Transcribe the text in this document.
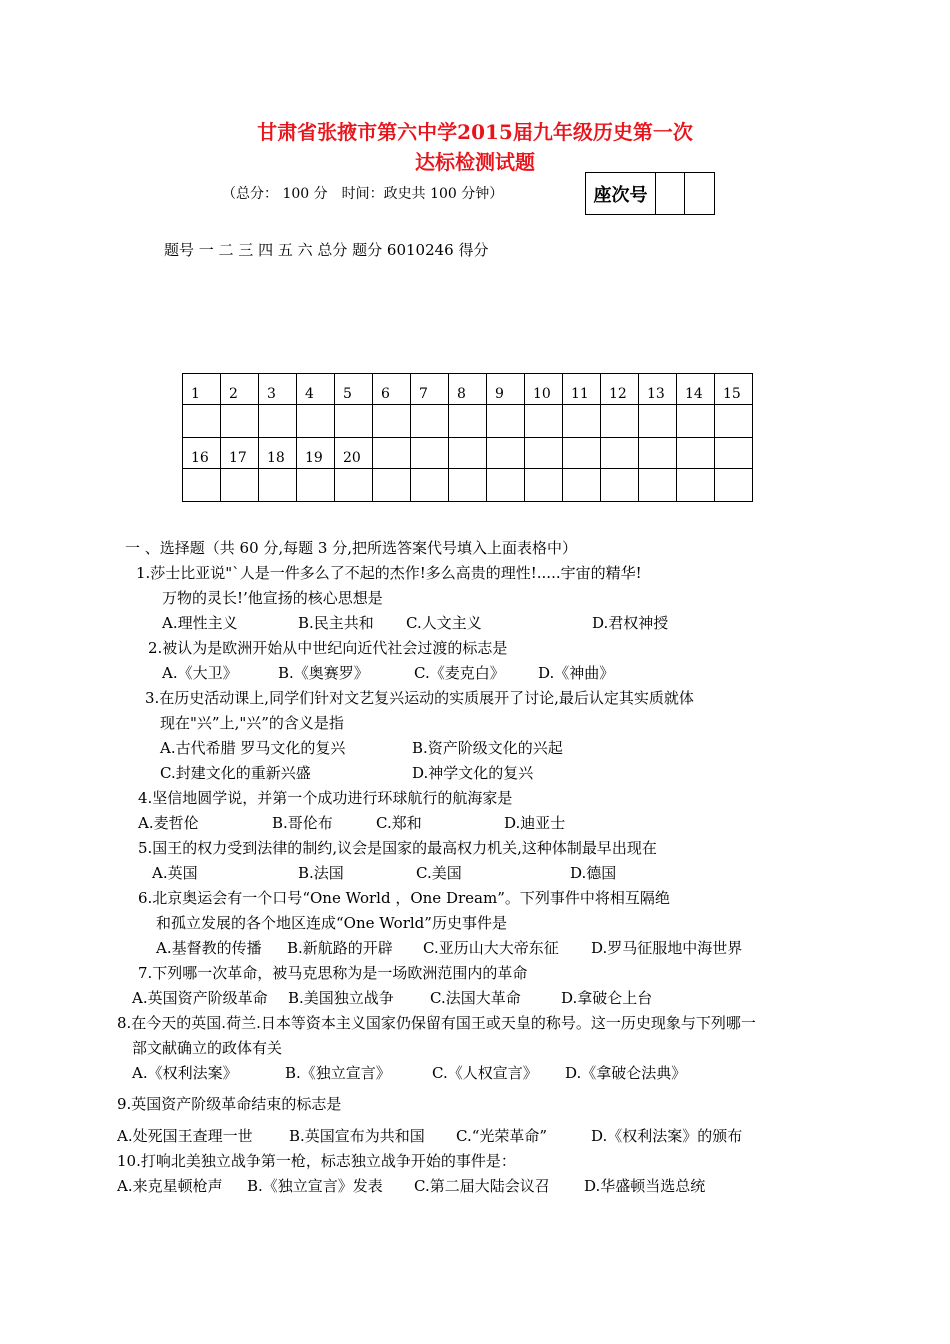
甘肃省张掖市第六中学2015届九年级历史第一次
达标检测试题
（总分： 100 分　时间：政史共 100 分钟）	座次号
题号 一 二 三 四 五 六 总分 题分 6010246 得分
1	2	3	4	5	6	7	8	9	10	11	12	13	14	15

16	17	18	19	20										

一 、选择题（共 60 分,每题 3 分,把所选答案代号填入上面表格中）
1.莎士比亚说"`人是一件多么了不起的杰作!多么高贵的理性!.....宇宙的精华!
万物的灵长!’他宣扬的核心思想是
A.理性主义	B.民主共和 C.人文主义	D.君权神授
2.被认为是欧洲开始从中世纪向近代社会过渡的标志是
A.《大卫》	B.《奥赛罗》	C.《麦克白》 D.《神曲》
3.在历史活动课上,同学们针对文艺复兴运动的实质展开了讨论,最后认定其实质就体
现在"兴”上,"兴”的含义是指
A.古代希腊 罗马文化的复兴	B.资产阶级文化的兴起
C.封建文化的重新兴盛	D.神学文化的复兴
4.坚信地圆学说，并第一个成功进行环球航行的航海家是
A.麦哲伦	B.哥伦布	C.郑和	D.迪亚士
5.国王的权力受到法律的制约,议会是国家的最高权力机关,这种体制最早出现在
A.英国	B.法国	C.美国	D.德国
6.北京奥运会有一个口号“One World ，One Dream”。下列事件中将相互隔绝
和孤立发展的各个地区连成“One World”历史事件是
A.基督教的传播 B.新航路的开辟 C.亚历山大大帝东征 D.罗马征服地中海世界
7.下列哪一次革命，被马克思称为是一场欧洲范围内的革命
A.英国资产阶级革命 B.美国独立战争 C.法国大革命	D.拿破仑上台
8.在今天的英国.荷兰.日本等资本主义国家仍保留有国王或天皇的称号。这一历史现象与下列哪一
部文献确立的政体有关
A.《权利法案》	B.《独立宣言》	C.《人权宣言》 D.《拿破仑法典》
9.英国资产阶级革命结束的标志是
A.处死国王查理一世 B.英国宣布为共和国 C.“光荣革命”	D.《权利法案》的颁布
10.打响北美独立战争第一枪，标志独立战争开始的事件是：
A.来克星顿枪声 B.《独立宣言》发表 C.第二届大陆会议召 D.华盛顿当选总统
